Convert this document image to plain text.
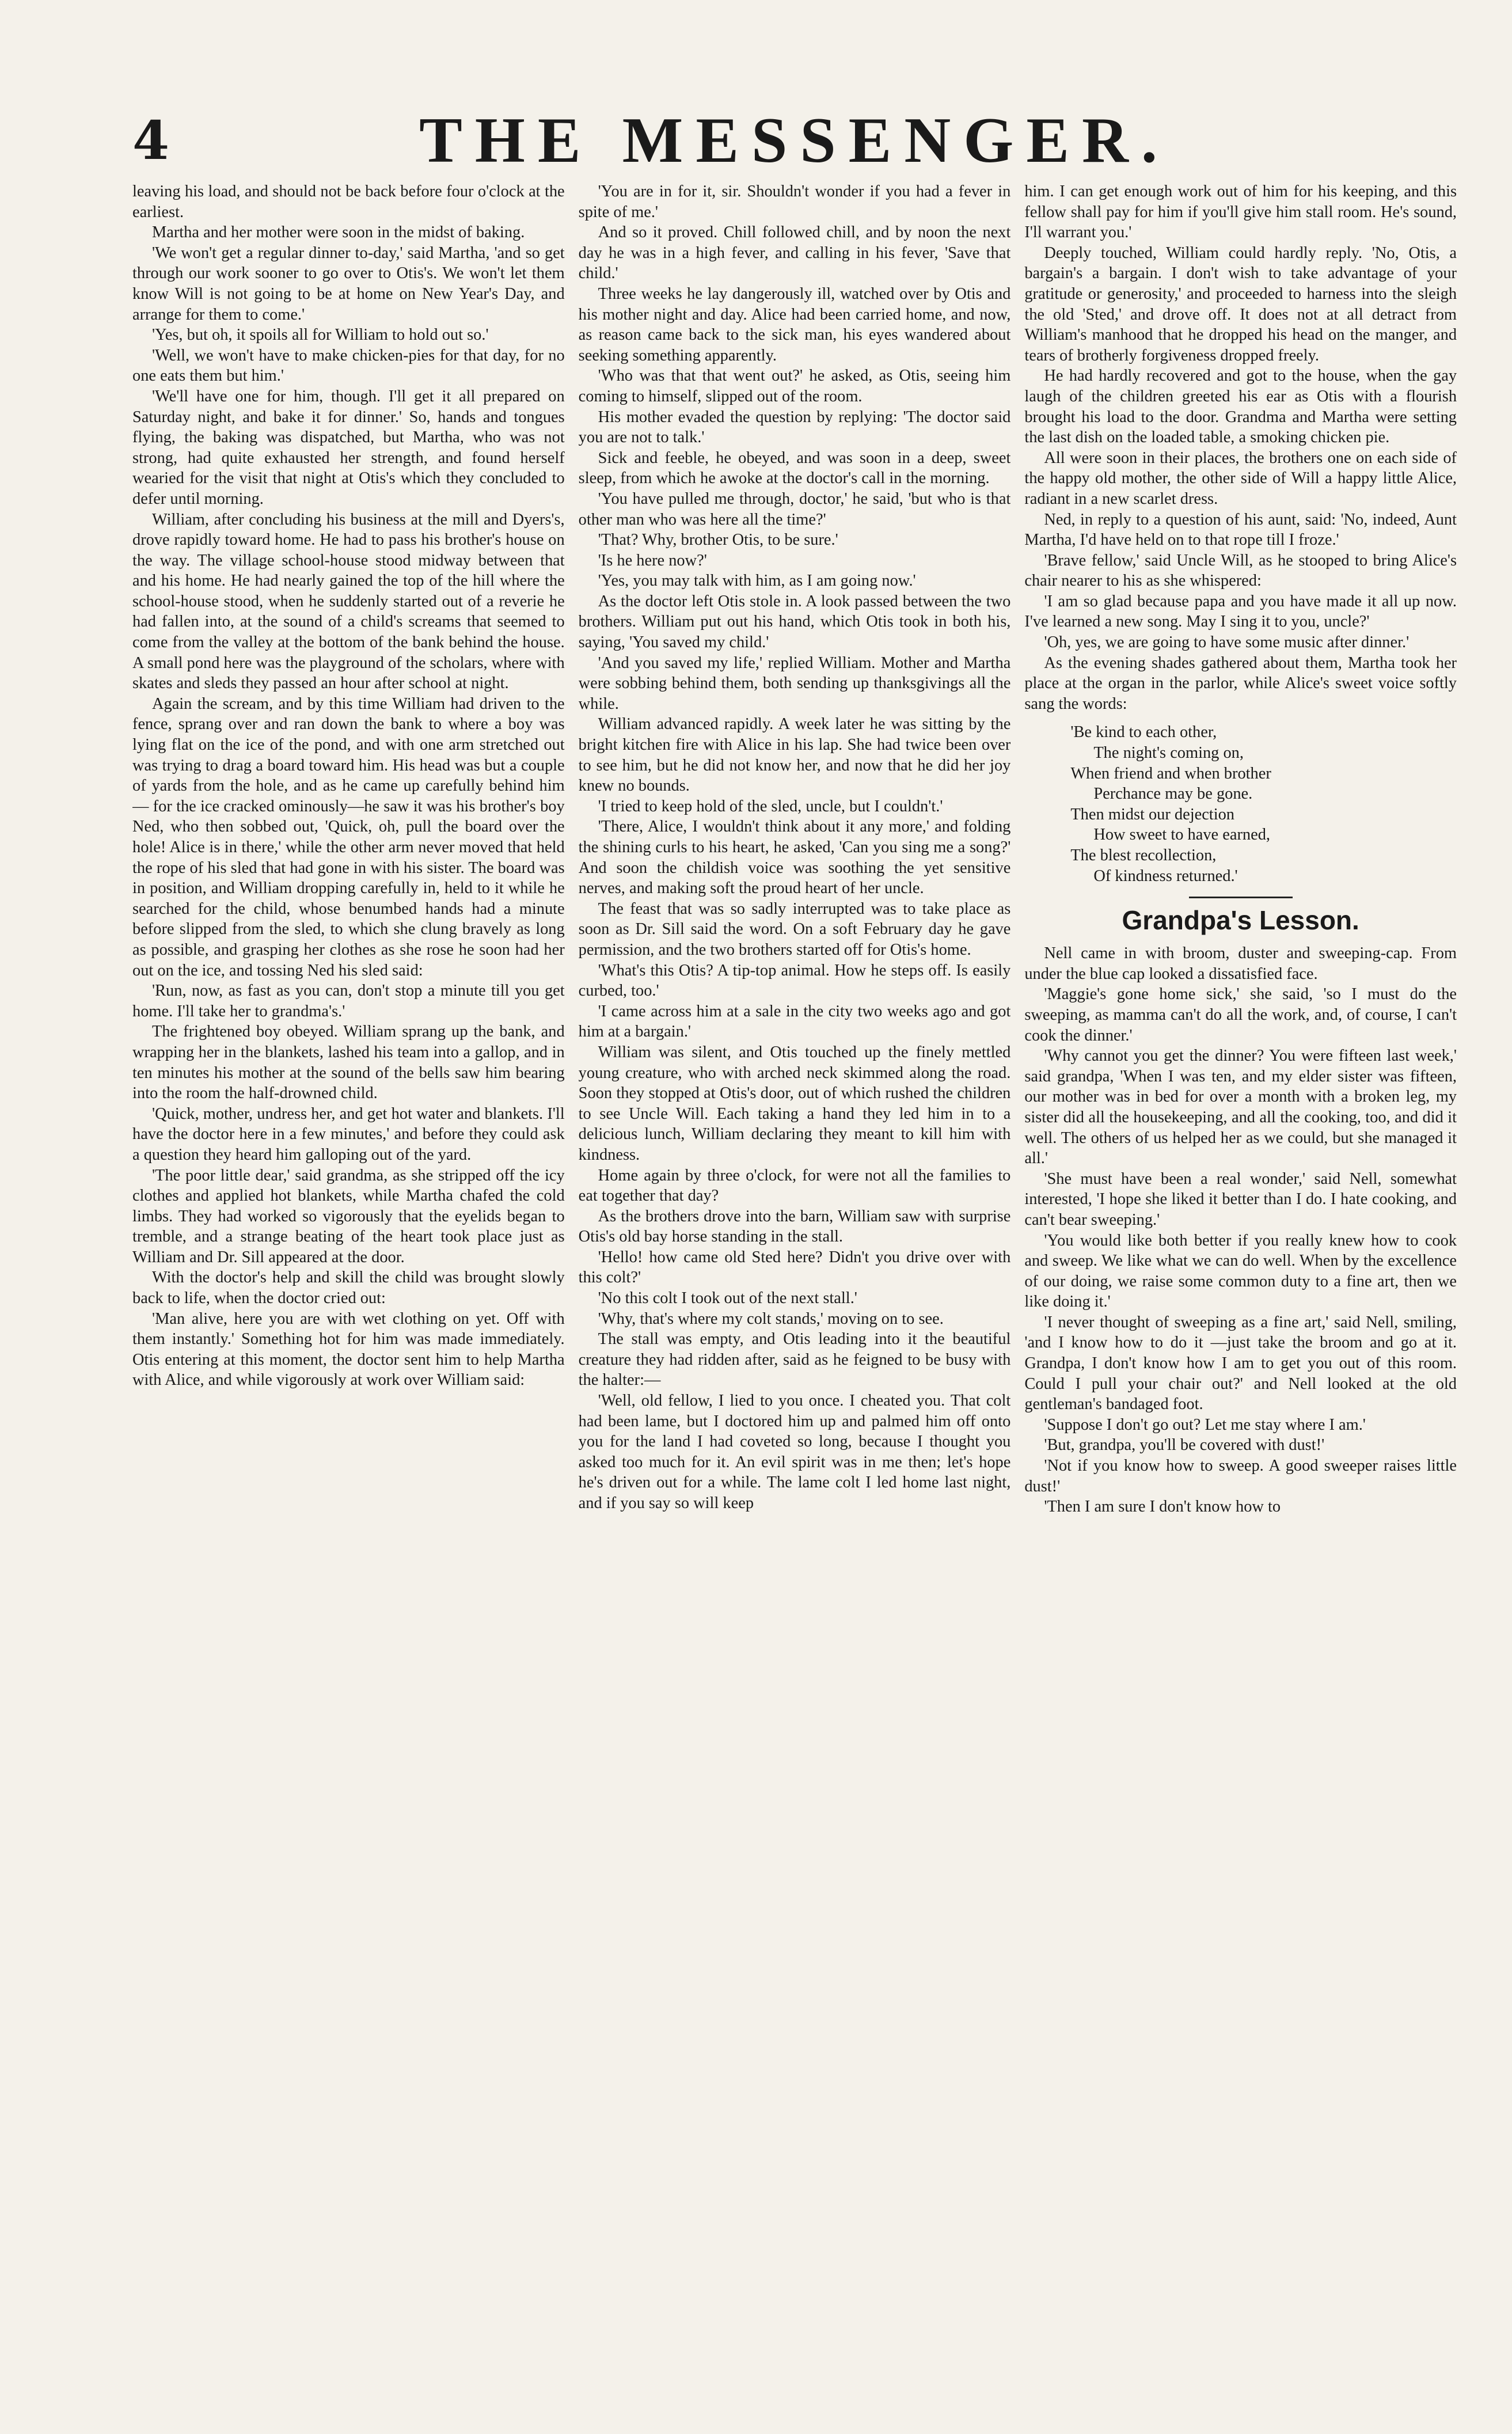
4	THE MESSENGER.

leaving his load, and should not be back before four o'clock at the earliest.

Martha and her mother were soon in the midst of baking.

'We won't get a regular dinner to-day,' said Martha, 'and so get through our work sooner to go over to Otis's. We won't let them know Will is not going to be at home on New Year's Day, and arrange for them to come.'

'Yes, but oh, it spoils all for William to hold out so.'

'Well, we won't have to make chicken-pies for that day, for no one eats them but him.'

'We'll have one for him, though. I'll get it all prepared on Saturday night, and bake it for dinner.' So, hands and tongues flying, the baking was dispatched, but Martha, who was not strong, had quite exhausted her strength, and found herself wearied for the visit that night at Otis's which they concluded to defer until morning.

William, after concluding his business at the mill and Dyers's, drove rapidly toward home. He had to pass his brother's house on the way. The village school-house stood midway between that and his home. He had nearly gained the top of the hill where the school-house stood, when he suddenly started out of a reverie he had fallen into, at the sound of a child's screams that seemed to come from the valley at the bottom of the bank behind the house. A small pond here was the playground of the scholars, where with skates and sleds they passed an hour after school at night.

Again the scream, and by this time William had driven to the fence, sprang over and ran down the bank to where a boy was lying flat on the ice of the pond, and with one arm stretched out was trying to drag a board toward him. His head was but a couple of yards from the hole, and as he came up carefully behind him — for the ice cracked ominously—he saw it was his brother's boy Ned, who then sobbed out, 'Quick, oh, pull the board over the hole! Alice is in there,' while the other arm never moved that held the rope of his sled that had gone in with his sister. The board was in position, and William dropping carefully in, held to it while he searched for the child, whose benumbed hands had a minute before slipped from the sled, to which she clung bravely as long as possible, and grasping her clothes as she rose he soon had her out on the ice, and tossing Ned his sled said:

'Run, now, as fast as you can, don't stop a minute till you get home. I'll take her to grandma's.'

The frightened boy obeyed. William sprang up the bank, and wrapping her in the blankets, lashed his team into a gallop, and in ten minutes his mother at the sound of the bells saw him bearing into the room the half-drowned child.

'Quick, mother, undress her, and get hot water and blankets. I'll have the doctor here in a few minutes,' and before they could ask a question they heard him galloping out of the yard.

'The poor little dear,' said grandma, as she stripped off the icy clothes and applied hot blankets, while Martha chafed the cold limbs. They had worked so vigorously that the eyelids began to tremble, and a strange beating of the heart took place just as William and Dr. Sill appeared at the door.

With the doctor's help and skill the child was brought slowly back to life, when the doctor cried out:

'Man alive, here you are with wet clothing on yet. Off with them instantly.' Something hot for him was made immediately. Otis entering at this moment, the doctor sent him to help Martha with Alice, and while vigorously at work over William said:

'You are in for it, sir. Shouldn't wonder if you had a fever in spite of me.'

And so it proved. Chill followed chill, and by noon the next day he was in a high fever, and calling in his fever, 'Save that child.'

Three weeks he lay dangerously ill, watched over by Otis and his mother night and day. Alice had been carried home, and now, as reason came back to the sick man, his eyes wandered about seeking something apparently.

'Who was that that went out?' he asked, as Otis, seeing him coming to himself, slipped out of the room.

His mother evaded the question by replying: 'The doctor said you are not to talk.'

Sick and feeble, he obeyed, and was soon in a deep, sweet sleep, from which he awoke at the doctor's call in the morning.

'You have pulled me through, doctor,' he said, 'but who is that other man who was here all the time?'

'That? Why, brother Otis, to be sure.'

'Is he here now?'

'Yes, you may talk with him, as I am going now.'

As the doctor left Otis stole in. A look passed between the two brothers. William put out his hand, which Otis took in both his, saying, 'You saved my child.'

'And you saved my life,' replied William. Mother and Martha were sobbing behind them, both sending up thanksgivings all the while.

William advanced rapidly. A week later he was sitting by the bright kitchen fire with Alice in his lap. She had twice been over to see him, but he did not know her, and now that he did her joy knew no bounds.

'I tried to keep hold of the sled, uncle, but I couldn't.'

'There, Alice, I wouldn't think about it any more,' and folding the shining curls to his heart, he asked, 'Can you sing me a song?' And soon the childish voice was soothing the yet sensitive nerves, and making soft the proud heart of her uncle.

The feast that was so sadly interrupted was to take place as soon as Dr. Sill said the word. On a soft February day he gave permission, and the two brothers started off for Otis's home.

'What's this Otis? A tip-top animal. How he steps off. Is easily curbed, too.'

'I came across him at a sale in the city two weeks ago and got him at a bargain.'

William was silent, and Otis touched up the finely mettled young creature, who with arched neck skimmed along the road. Soon they stopped at Otis's door, out of which rushed the children to see Uncle Will. Each taking a hand they led him in to a delicious lunch, William declaring they meant to kill him with kindness.

Home again by three o'clock, for were not all the families to eat together that day?

As the brothers drove into the barn, William saw with surprise Otis's old bay horse standing in the stall.

'Hello! how came old Sted here? Didn't you drive over with this colt?'

'No this colt I took out of the next stall.'

'Why, that's where my colt stands,' moving on to see.

The stall was empty, and Otis leading into it the beautiful creature they had ridden after, said as he feigned to be busy with the halter:—

'Well, old fellow, I lied to you once. I cheated you. That colt had been lame, but I doctored him up and palmed him off onto you for the land I had coveted so long, because I thought you asked too much for it. An evil spirit was in me then; let's hope he's driven out for a while. The lame colt I led home last night, and if you say so will keep

him. I can get enough work out of him for his keeping, and this fellow shall pay for him if you'll give him stall room. He's sound, I'll warrant you.'

Deeply touched, William could hardly reply. 'No, Otis, a bargain's a bargain. I don't wish to take advantage of your gratitude or generosity,' and proceeded to harness into the sleigh the old 'Sted,' and drove off. It does not at all detract from William's manhood that he dropped his head on the manger, and tears of brotherly forgiveness dropped freely.

He had hardly recovered and got to the house, when the gay laugh of the children greeted his ear as Otis with a flourish brought his load to the door. Grandma and Martha were setting the last dish on the loaded table, a smoking chicken pie.

All were soon in their places, the brothers one on each side of the happy old mother, the other side of Will a happy little Alice, radiant in a new scarlet dress.

Ned, in reply to a question of his aunt, said: 'No, indeed, Aunt Martha, I'd have held on to that rope till I froze.'

'Brave fellow,' said Uncle Will, as he stooped to bring Alice's chair nearer to his as she whispered:

'I am so glad because papa and you have made it all up now. I've learned a new song. May I sing it to you, uncle?'

'Oh, yes, we are going to have some music after dinner.'

As the evening shades gathered about them, Martha took her place at the organ in the parlor, while Alice's sweet voice softly sang the words:

'Be kind to each other,
The night's coming on,
When friend and when brother
Perchance may be gone.
Then midst our dejection
How sweet to have earned,
The blest recollection,
Of kindness returned.'
Grandpa's Lesson.

Nell came in with broom, duster and sweeping-cap. From under the blue cap looked a dissatisfied face.

'Maggie's gone home sick,' she said, 'so I must do the sweeping, as mamma can't do all the work, and, of course, I can't cook the dinner.'

'Why cannot you get the dinner? You were fifteen last week,' said grandpa, 'When I was ten, and my elder sister was fifteen, our mother was in bed for over a month with a broken leg, my sister did all the housekeeping, and all the cooking, too, and did it well. The others of us helped her as we could, but she managed it all.'

'She must have been a real wonder,' said Nell, somewhat interested, 'I hope she liked it better than I do. I hate cooking, and can't bear sweeping.'

'You would like both better if you really knew how to cook and sweep. We like what we can do well. When by the excellence of our doing, we raise some common duty to a fine art, then we like doing it.'

'I never thought of sweeping as a fine art,' said Nell, smiling, 'and I know how to do it —just take the broom and go at it. Grandpa, I don't know how I am to get you out of this room. Could I pull your chair out?' and Nell looked at the old gentleman's bandaged foot.

'Suppose I don't go out? Let me stay where I am.'

'But, grandpa, you'll be covered with dust!'

'Not if you know how to sweep. A good sweeper raises little dust!'

'Then I am sure I don't know how to
